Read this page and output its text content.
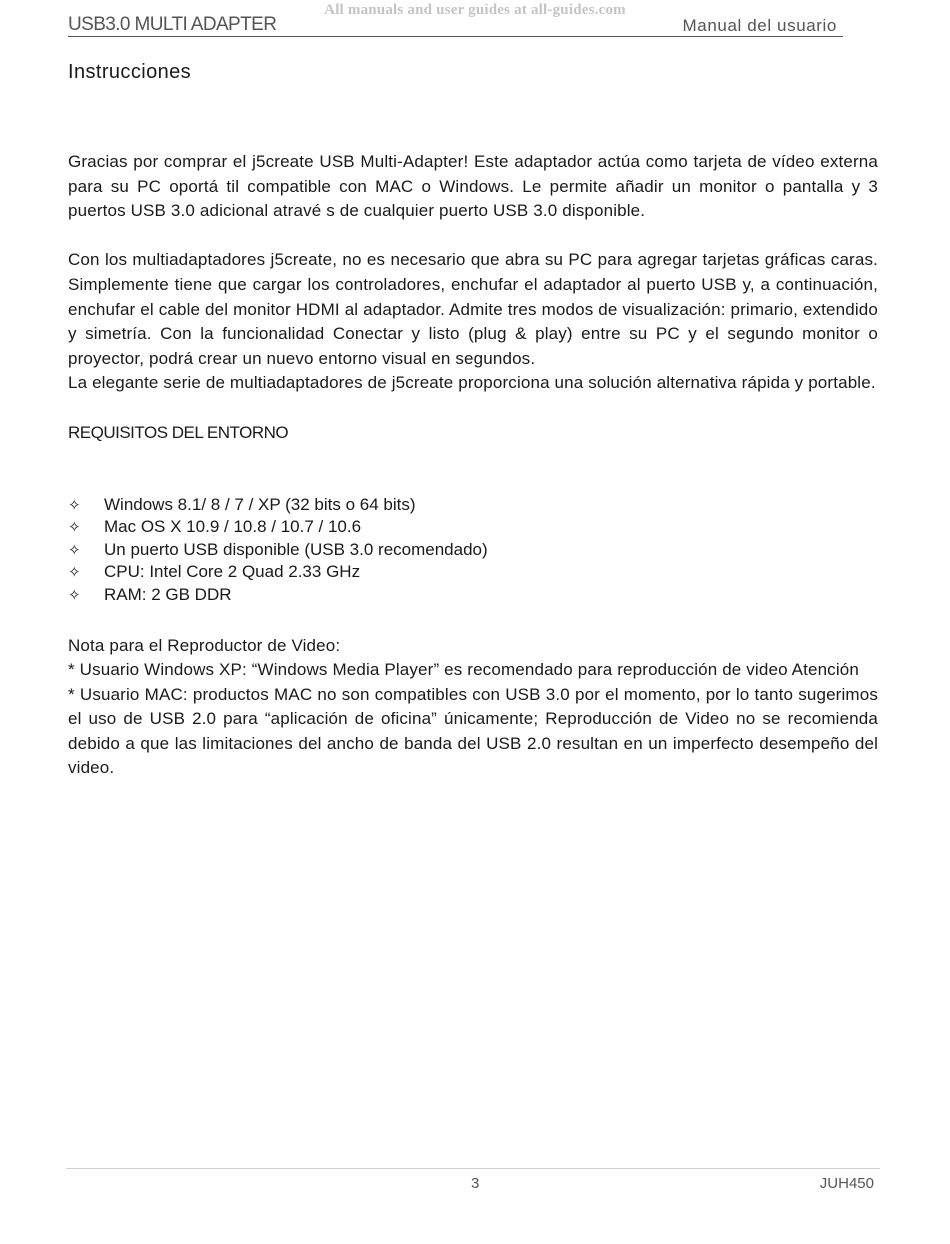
All manuals and user guides at all-guides.com
USB3.0 MULTI ADAPTER	Manual del usuario
Instrucciones

Gracias por comprar el j5create USB Multi-Adapter! Este adaptador actúa como tarjeta de vídeo externa para su PC oportá til compatible con MAC o Windows. Le permite añadir un monitor o pantalla y 3 puertos USB 3.0 adicional atravé s de cualquier puerto USB 3.0 disponible.

Con los multiadaptadores j5create, no es necesario que abra su PC para agregar tarjetas gráficas caras. Simplemente tiene que cargar los controladores, enchufar el adaptador al puerto USB y, a continuación, enchufar el cable del monitor HDMI al adaptador. Admite tres modos de visualización: primario, extendido y simetría. Con la funcionalidad Conectar y listo (plug & play) entre su PC y el segundo monitor o proyector, podrá crear un nuevo entorno visual en segundos.

La elegante serie de multiadaptadores de j5create proporciona una solución alternativa rápida y portable.

REQUISITOS DEL ENTORNO
✧	Windows 8.1/ 8 / 7 / XP (32 bits o 64 bits)
✧	Mac OS X 10.9 / 10.8 / 10.7 / 10.6
✧	Un puerto USB disponible (USB 3.0 recomendado)
✧	CPU: Intel Core 2 Quad 2.33 GHz
✧	RAM: 2 GB DDR

Nota para el Reproductor de Video:

* Usuario Windows XP: “Windows Media Player” es recomendado para reproducción de video Atención

* Usuario MAC: productos MAC no son compatibles con USB 3.0 por el momento, por lo tanto sugerimos el uso de USB 2.0 para “aplicación de oficina” únicamente; Reproducción de Video no se recomienda debido a que las limitaciones del ancho de banda del USB 2.0 resultan en un imperfecto desempeño del video.

3	JUH450
